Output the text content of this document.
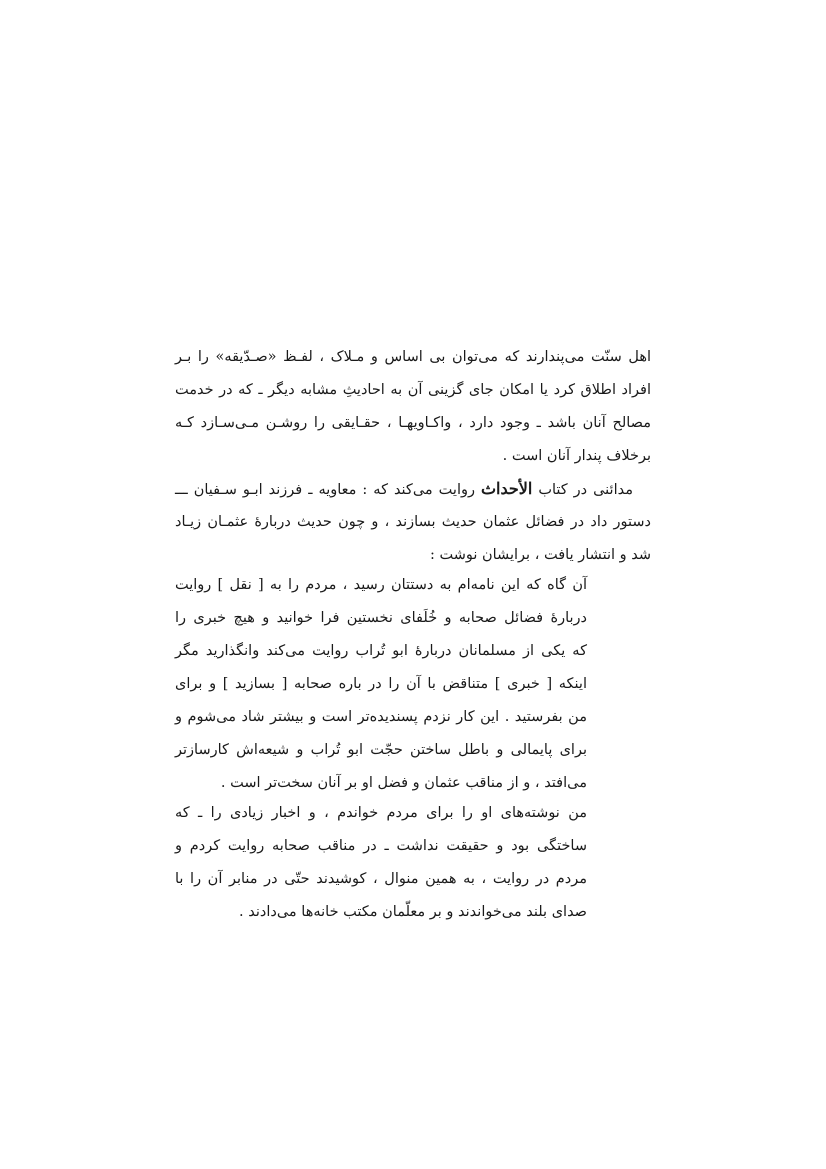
اهل سنّت می‌پندارند که می‌توان بی اساس و مـلاک ، لفـظ «صـدّیقه» را بـر
افراد اطلاق کرد یا امکان جای گزینی آن به احادیثِ مشابه دیگر ـ که در خدمت
مصالح آنان باشد ـ وجود دارد ، واکـاویهـا ، حقـایقی را روشـن مـی‌سـازد کـه
برخلاف پندار آنان است .
مدائنی در کتاب الأحداث روایت می‌کند که : معاویه ـ فرزند ابـو سـفیان ـــ
دستور داد در فضائل عثمان حدیث بسازند ، و چون حدیث دربارهٔ عثمـان زیـاد
شد و انتشار یافت ، برایشان نوشت :
آن گاه که این نامه‌ام به دستتان رسید ، مردم را به [ نقل ] روایت
دربارهٔ فضائل صحابه و خُلَفای نخستین فرا خوانید و هیچ خبری را
که یکی از مسلمانان دربارهٔ ابو تُراب روایت می‌کند وانگذارید مگر
اینکه [ خبری ] متناقض با آن را در باره صحابه [ بسازید ] و برای
من بفرستید . این کار نزدم پسندیده‌تر است و بیشتر شاد می‌شوم و
برای پایمالی و باطل ساختن حجّت ابو تُراب و شیعه‌اش کارسازتر
می‌افتد ، و از مناقب عثمان و فضل او بر آنان سخت‌تر است .
من نوشته‌های او را برای مردم خواندم ، و اخبار زیادی را ـ که
ساختگی بود و حقیقت نداشت ـ در مناقب صحابه روایت کردم و
مردم در روایت ، به همین منوال ، کوشیدند حتّی در منابر آن را با
صدای بلند می‌خواندند و بر معلّمان مکتب خانه‌ها می‌دادند .
